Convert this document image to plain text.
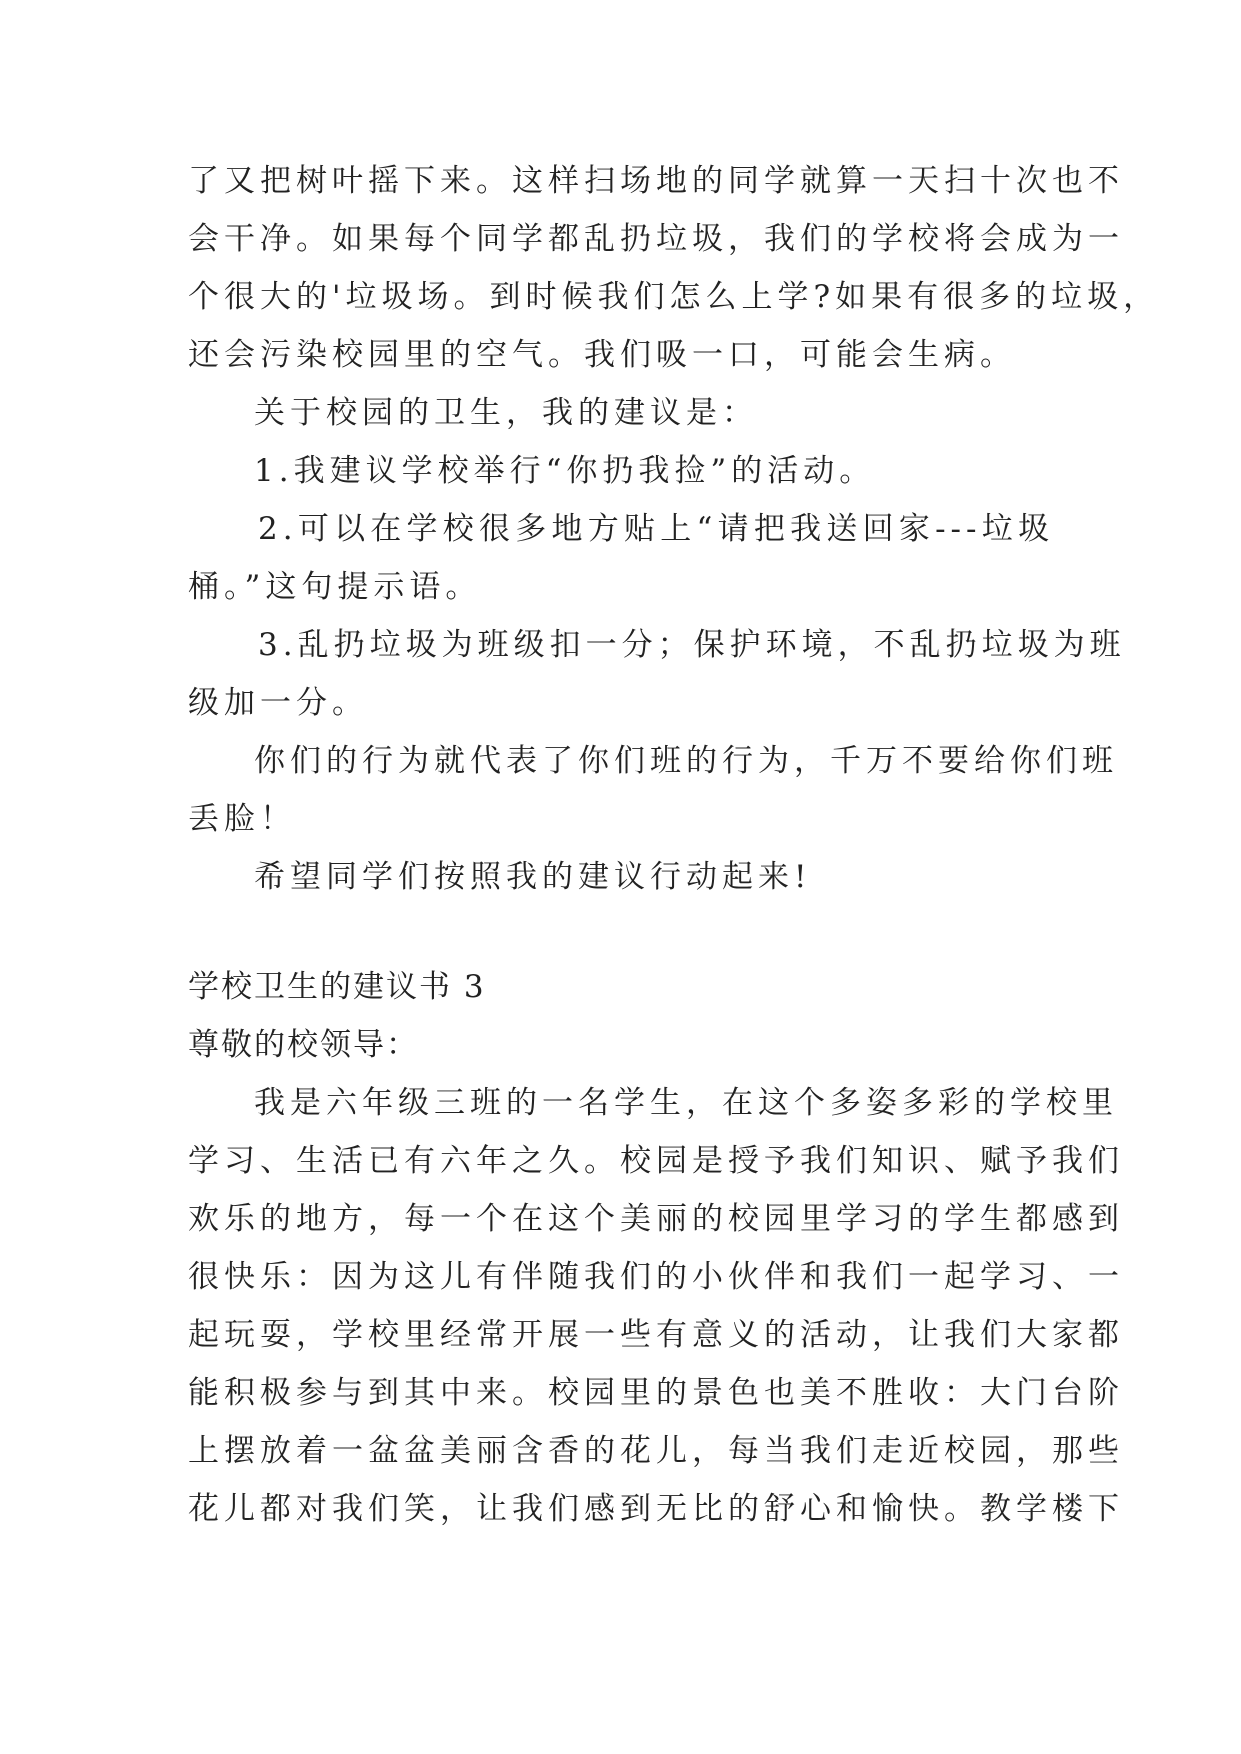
了又把树叶摇下来。这样扫场地的同学就算一天扫十次也不
会干净。如果每个同学都乱扔垃圾，我们的学校将会成为一
个很大的'垃圾场。到时候我们怎么上学?如果有很多的垃圾，
还会污染校园里的空气。我们吸一口，可能会生病。
关于校园的卫生，我的建议是：
1.我建议学校举行“你扔我捡”的活动。
2.可以在学校很多地方贴上“请把我送回家---垃圾
桶。”这句提示语。
3.乱扔垃圾为班级扣一分；保护环境，不乱扔垃圾为班
级加一分。
你们的行为就代表了你们班的行为，千万不要给你们班
丢脸！
希望同学们按照我的建议行动起来!
学校卫生的建议书 3
尊敬的校领导：
我是六年级三班的一名学生，在这个多姿多彩的学校里
学习、生活已有六年之久。校园是授予我们知识、赋予我们
欢乐的地方，每一个在这个美丽的校园里学习的学生都感到
很快乐：因为这儿有伴随我们的小伙伴和我们一起学习、一
起玩耍，学校里经常开展一些有意义的活动，让我们大家都
能积极参与到其中来。校园里的景色也美不胜收：大门台阶
上摆放着一盆盆美丽含香的花儿，每当我们走近校园，那些
花儿都对我们笑，让我们感到无比的舒心和愉快。教学楼下
